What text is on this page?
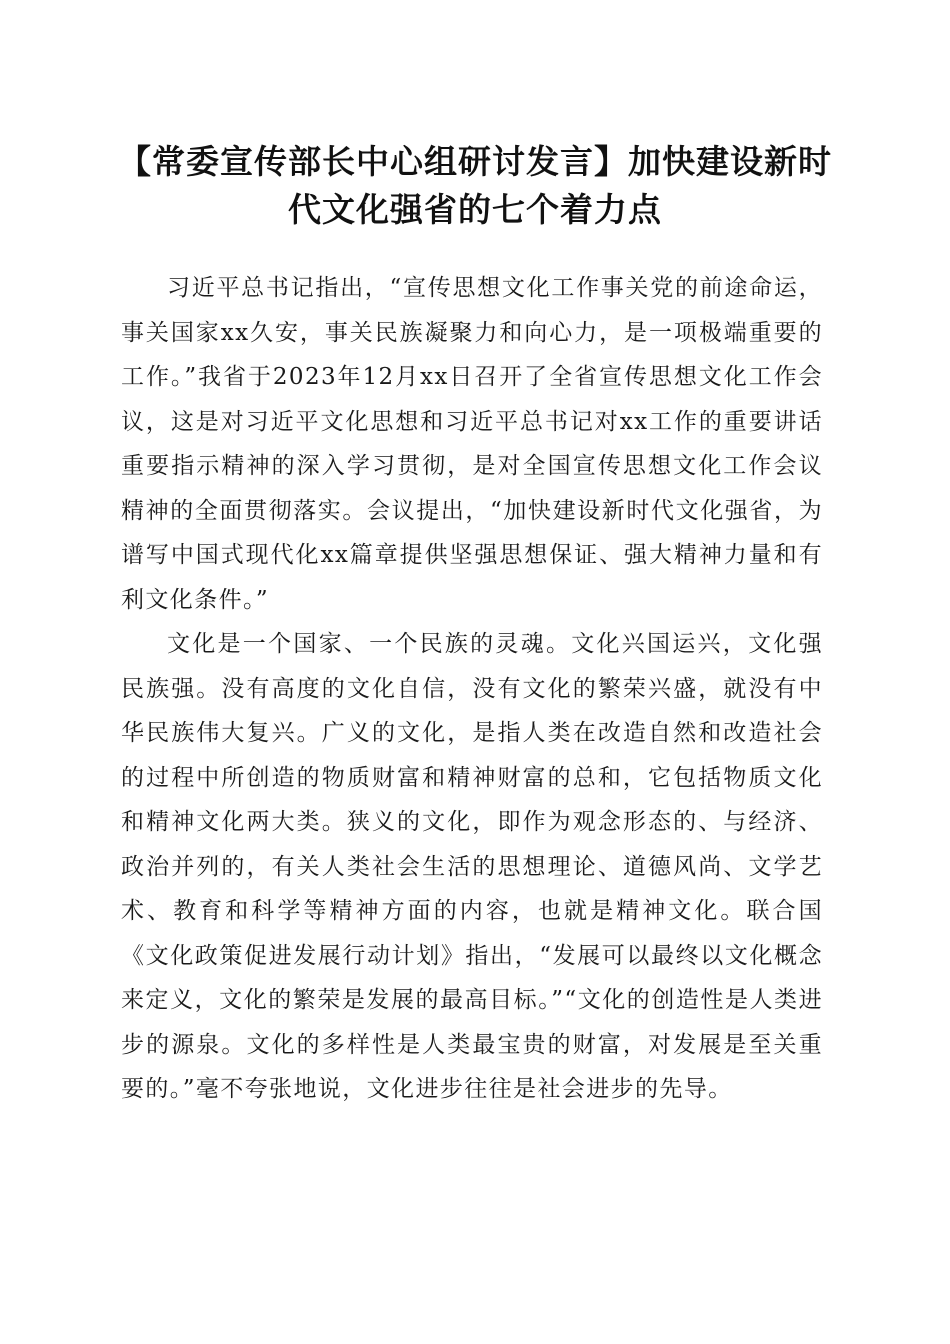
【常委宣传部长中心组研讨发言】加快建设新时代文化强省的七个着力点

习近平总书记指出，“宣传思想文化工作事关党的前途命运，事关国家xx久安，事关民族凝聚力和向心力，是一项极端重要的工作。”我省于2023年12月xx日召开了全省宣传思想文化工作会议，这是对习近平文化思想和习近平总书记对xx工作的重要讲话重要指示精神的深入学习贯彻，是对全国宣传思想文化工作会议精神的全面贯彻落实。会议提出，“加快建设新时代文化强省，为谱写中国式现代化xx篇章提供坚强思想保证、强大精神力量和有利文化条件。”

文化是一个国家、一个民族的灵魂。文化兴国运兴，文化强民族强。没有高度的文化自信，没有文化的繁荣兴盛，就没有中华民族伟大复兴。广义的文化，是指人类在改造自然和改造社会的过程中所创造的物质财富和精神财富的总和，它包括物质文化和精神文化两大类。狭义的文化，即作为观念形态的、与经济、政治并列的，有关人类社会生活的思想理论、道德风尚、文学艺术、教育和科学等精神方面的内容，也就是精神文化。联合国《文化政策促进发展行动计划》指出，“发展可以最终以文化概念来定义，文化的繁荣是发展的最高目标。”“文化的创造性是人类进步的源泉。文化的多样性是人类最宝贵的财富，对发展是至关重要的。”毫不夸张地说，文化进步往往是社会进步的先导。
